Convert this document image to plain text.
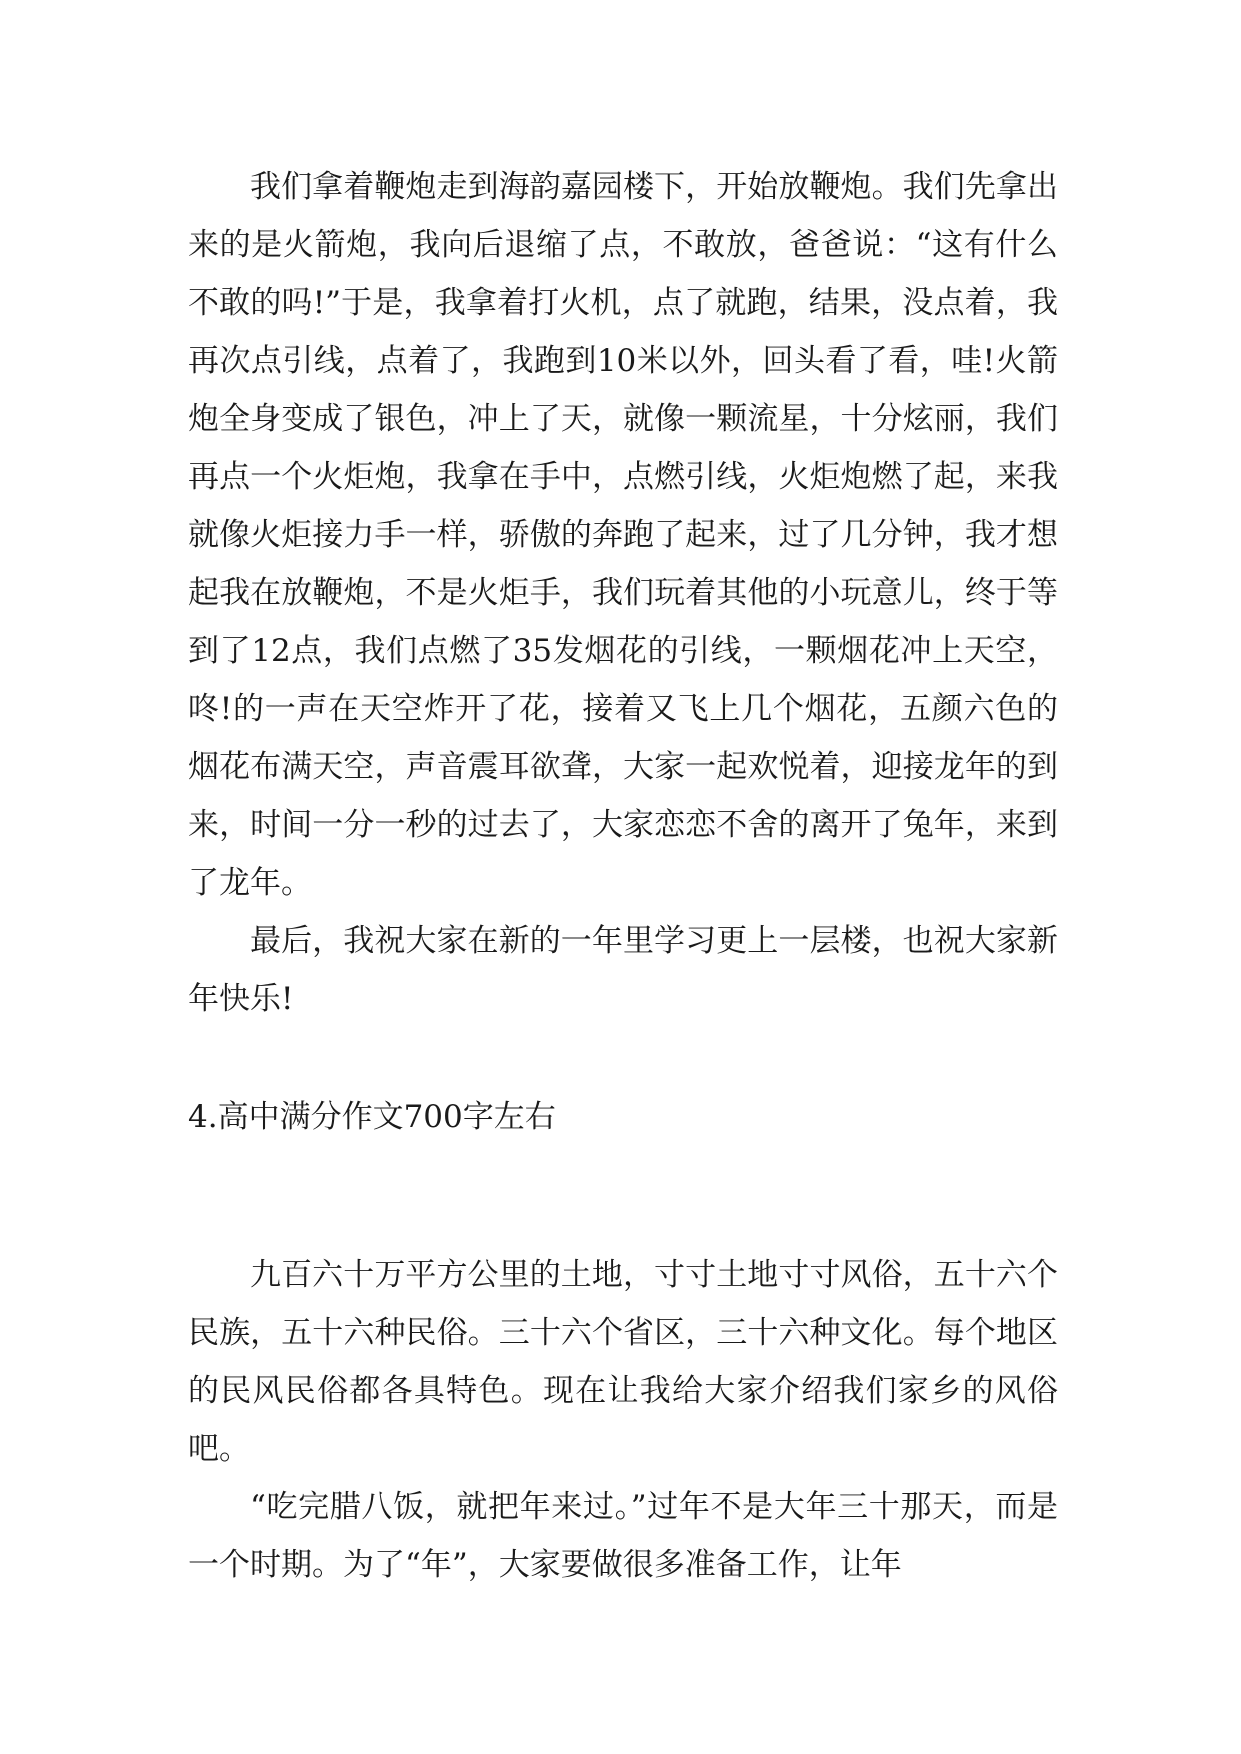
我们拿着鞭炮走到海韵嘉园楼下，开始放鞭炮。我们先拿出来的是火箭炮，我向后退缩了点，不敢放，爸爸说：“这有什么不敢的吗!”于是，我拿着打火机，点了就跑，结果，没点着，我再次点引线，点着了，我跑到10米以外，回头看了看，哇!火箭炮全身变成了银色，冲上了天，就像一颗流星，十分炫丽，我们再点一个火炬炮，我拿在手中，点燃引线，火炬炮燃了起，来我就像火炬接力手一样，骄傲的奔跑了起来，过了几分钟，我才想起我在放鞭炮，不是火炬手，我们玩着其他的小玩意儿，终于等到了12点，我们点燃了35发烟花的引线，一颗烟花冲上天空，咚!的一声在天空炸开了花，接着又飞上几个烟花，五颜六色的烟花布满天空，声音震耳欲聋，大家一起欢悦着，迎接龙年的到来，时间一分一秒的过去了，大家恋恋不舍的离开了兔年，来到了龙年。

最后，我祝大家在新的一年里学习更上一层楼，也祝大家新年快乐!

4.高中满分作文700字左右

九百六十万平方公里的土地，寸寸土地寸寸风俗，五十六个民族，五十六种民俗。三十六个省区，三十六种文化。每个地区的民风民俗都各具特色。现在让我给大家介绍我们家乡的风俗吧。

“吃完腊八饭，就把年来过。”过年不是大年三十那天，而是一个时期。为了“年”，大家要做很多准备工作，让年
